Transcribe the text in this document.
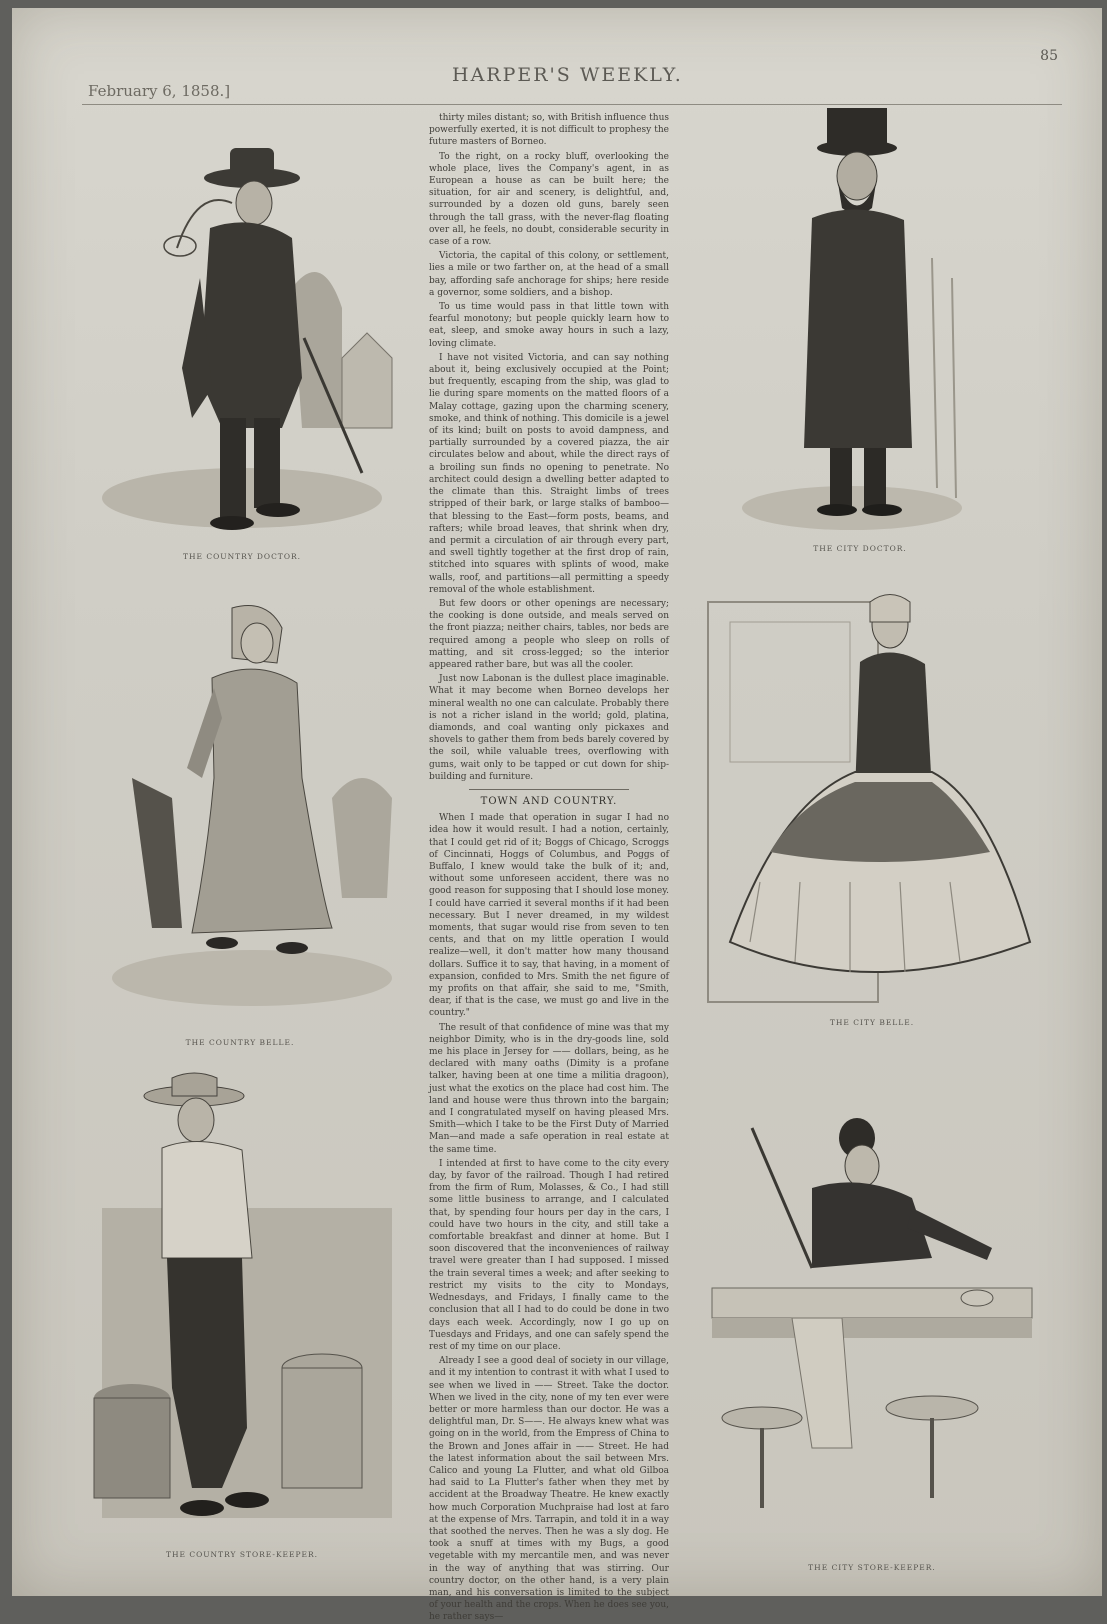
February 6, 1858.]
HARPER'S WEEKLY.
85
THE COUNTRY DOCTOR.
THE CITY DOCTOR.
THE COUNTRY BELLE.
THE CITY BELLE.
THE COUNTRY STORE-KEEPER.
THE CITY STORE-KEEPER.

thirty miles distant; so, with British influence thus powerfully exerted, it is not difficult to prophesy the future masters of Borneo.

To the right, on a rocky bluff, overlooking the whole place, lives the Company's agent, in as European a house as can be built here; the situation, for air and scenery, is delightful, and, surrounded by a dozen old guns, barely seen through the tall grass, with the never-flag floating over all, he feels, no doubt, considerable security in case of a row.

Victoria, the capital of this colony, or settlement, lies a mile or two farther on, at the head of a small bay, affording safe anchorage for ships; here reside a governor, some soldiers, and a bishop.

To us time would pass in that little town with fearful monotony; but people quickly learn how to eat, sleep, and smoke away hours in such a lazy, loving climate.

I have not visited Victoria, and can say nothing about it, being exclusively occupied at the Point; but frequently, escaping from the ship, was glad to lie during spare moments on the matted floors of a Malay cottage, gazing upon the charming scenery, smoke, and think of nothing. This domicile is a jewel of its kind; built on posts to avoid dampness, and partially surrounded by a covered piazza, the air circulates below and about, while the direct rays of a broiling sun finds no opening to penetrate. No architect could design a dwelling better adapted to the climate than this. Straight limbs of trees stripped of their bark, or large stalks of bamboo—that blessing to the East—form posts, beams, and rafters; while broad leaves, that shrink when dry, and permit a circulation of air through every part, and swell tightly together at the first drop of rain, stitched into squares with splints of wood, make walls, roof, and partitions—all permitting a speedy removal of the whole establishment.

But few doors or other openings are necessary; the cooking is done outside, and meals served on the front piazza; neither chairs, tables, nor beds are required among a people who sleep on rolls of matting, and sit cross-legged; so the interior appeared rather bare, but was all the cooler.

Just now Labonan is the dullest place imaginable. What it may become when Borneo develops her mineral wealth no one can calculate. Probably there is not a richer island in the world; gold, platina, diamonds, and coal wanting only pickaxes and shovels to gather them from beds barely covered by the soil, while valuable trees, overflowing with gums, wait only to be tapped or cut down for ship-building and furniture.

TOWN AND COUNTRY.

When I made that operation in sugar I had no idea how it would result. I had a notion, certainly, that I could get rid of it; Boggs of Chicago, Scroggs of Cincinnati, Hoggs of Columbus, and Poggs of Buffalo, I knew would take the bulk of it; and, without some unforeseen accident, there was no good reason for supposing that I should lose money. I could have carried it several months if it had been necessary. But I never dreamed, in my wildest moments, that sugar would rise from seven to ten cents, and that on my little operation I would realize—well, it don't matter how many thousand dollars. Suffice it to say, that having, in a moment of expansion, confided to Mrs. Smith the net figure of my profits on that affair, she said to me, "Smith, dear, if that is the case, we must go and live in the country."

The result of that confidence of mine was that my neighbor Dimity, who is in the dry-goods line, sold me his place in Jersey for —— dollars, being, as he declared with many oaths (Dimity is a profane talker, having been at one time a militia dragoon), just what the exotics on the place had cost him. The land and house were thus thrown into the bargain; and I congratulated myself on having pleased Mrs. Smith—which I take to be the First Duty of Married Man—and made a safe operation in real estate at the same time.

I intended at first to have come to the city every day, by favor of the railroad. Though I had retired from the firm of Rum, Molasses, & Co., I had still some little business to arrange, and I calculated that, by spending four hours per day in the cars, I could have two hours in the city, and still take a comfortable breakfast and dinner at home. But I soon discovered that the inconveniences of railway travel were greater than I had supposed. I missed the train several times a week; and after seeking to restrict my visits to the city to Mondays, Wednesdays, and Fridays, I finally came to the conclusion that all I had to do could be done in two days each week. Accordingly, now I go up on Tuesdays and Fridays, and one can safely spend the rest of my time on our place.

Already I see a good deal of society in our village, and it my intention to contrast it with what I used to see when we lived in —— Street. Take the doctor. When we lived in the city, none of my ten ever were better or more harmless than our doctor. He was a delightful man, Dr. S——. He always knew what was going on in the world, from the Empress of China to the Brown and Jones affair in —— Street. He had the latest information about the sail between Mrs. Calico and young La Flutter, and what old Gilboa had said to La Flutter's father when they met by accident at the Broadway Theatre. He knew exactly how much Corporation Muchpraise had lost at faro at the expense of Mrs. Tarrapin, and told it in a way that soothed the nerves. Then he was a sly dog. He took a snuff at times with my Bugs, a good vegetable with my mercantile men, and was never in the way of anything that was stirring. Our country doctor, on the other hand, is a very plain man, and his conversation is limited to the subject of your health and the crops. When he does see you, he rather says—
